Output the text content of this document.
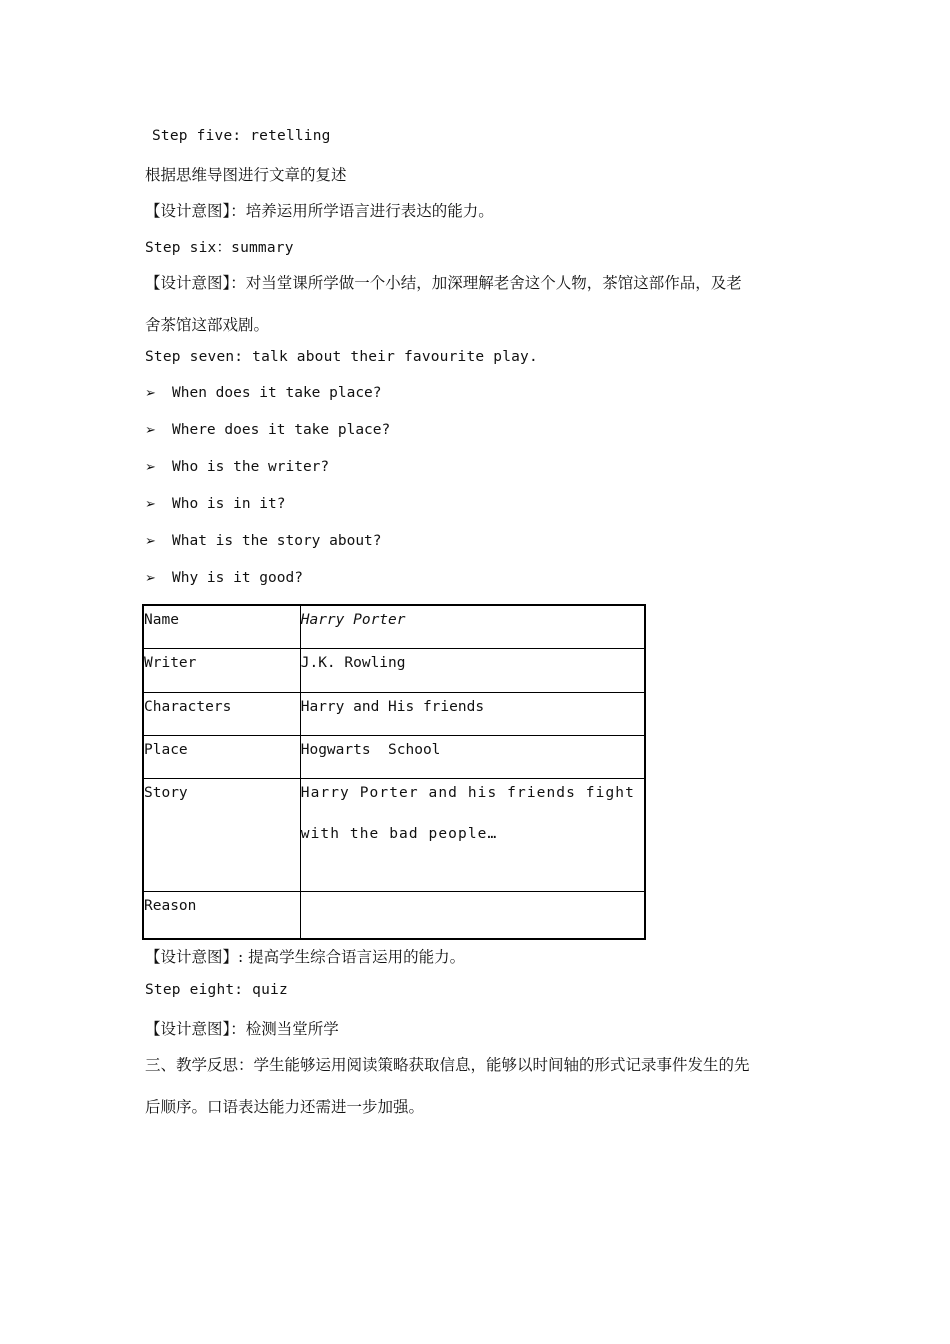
Step five: retelling
根据思维导图进行文章的复述
【设计意图】：培养运用所学语言进行表达的能力。
Step six：summary
【设计意图】：对当堂课所学做一个小结，加深理解老舍这个人物，茶馆这部作品，及老
舍茶馆这部戏剧。
Step seven: talk about their favourite play.
➢ When does it take place?
➢ Where does it take place?
➢ Who is the writer?
➢ Who is in it?
➢ What is the story about?
➢ Why is it good?
Name	Harry Porter
Writer	J.K. Rowling
Characters	Harry and His friends
Place	Hogwarts  School
Story	Harry Porter and his friends fight with the bad people…

Reason	
【设计意图】: 提高学生综合语言运用的能力。
Step eight: quiz
【设计意图】：检测当堂所学
三、教学反思：学生能够运用阅读策略获取信息，能够以时间轴的形式记录事件发生的先
后顺序。口语表达能力还需进一步加强。
